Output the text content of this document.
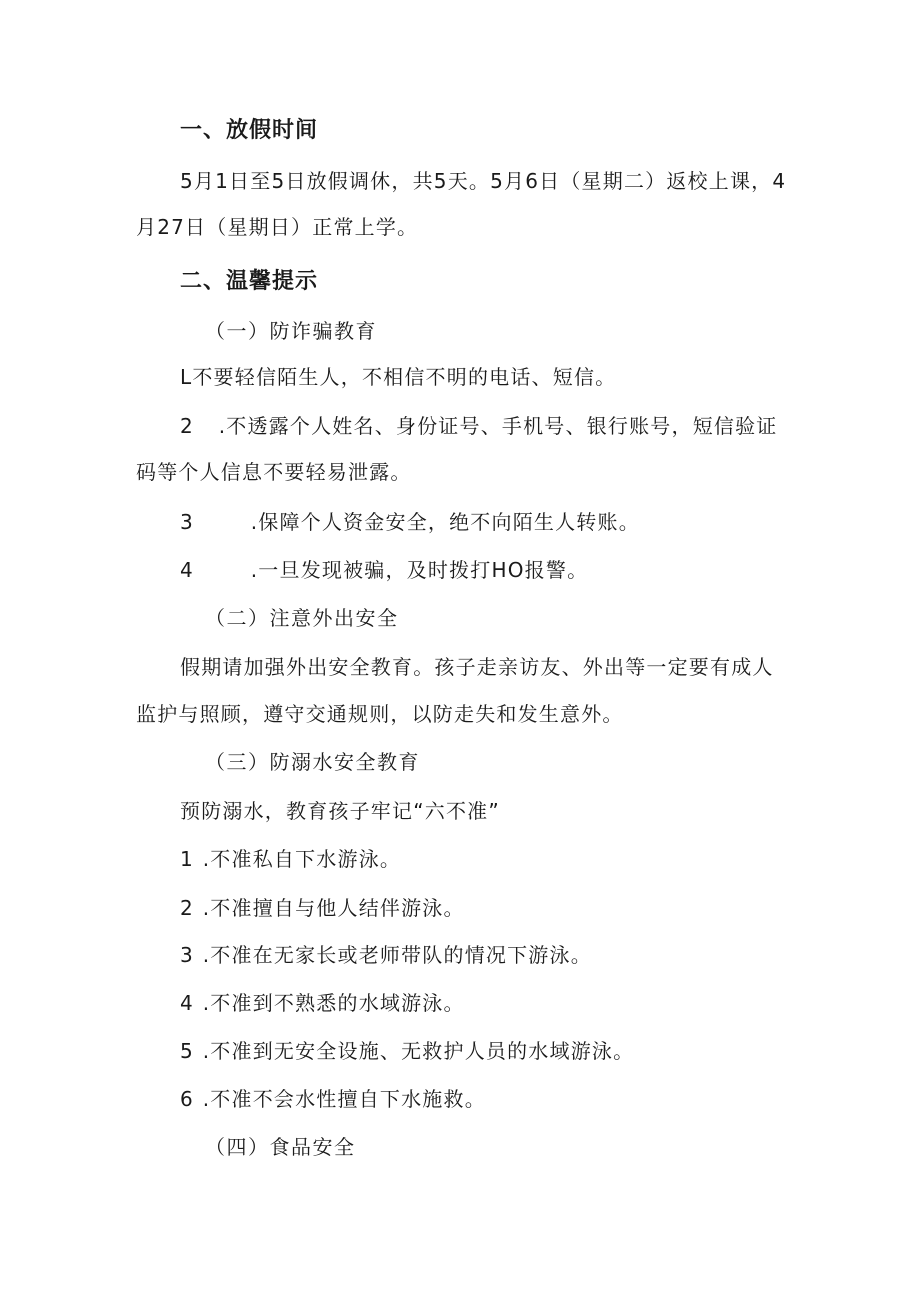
一、放假时间
5月1日至5日放假调休，共5天。5月6日（星期二）返校上课，4
月27日（星期日）正常上学。
二、温馨提示
（一）防诈骗教育
L不要轻信陌生人，不相信不明的电话、短信。
2 .不透露个人姓名、身份证号、手机号、银行账号，短信验证
码等个人信息不要轻易泄露。
3	.保障个人资金安全，绝不向陌生人转账。
4	.一旦发现被骗，及时拨打HO报警。
（二）注意外出安全
假期请加强外出安全教育。孩子走亲访友、外出等一定要有成人
监护与照顾，遵守交通规则，以防走失和发生意外。
（三）防溺水安全教育
预防溺水，教育孩子牢记“六不准”
1 .不准私自下水游泳。
2 .不准擅自与他人结伴游泳。
3 .不准在无家长或老师带队的情况下游泳。
4 .不准到不熟悉的水域游泳。
5 .不准到无安全设施、无救护人员的水域游泳。
6 .不准不会水性擅自下水施救。
（四）食品安全
